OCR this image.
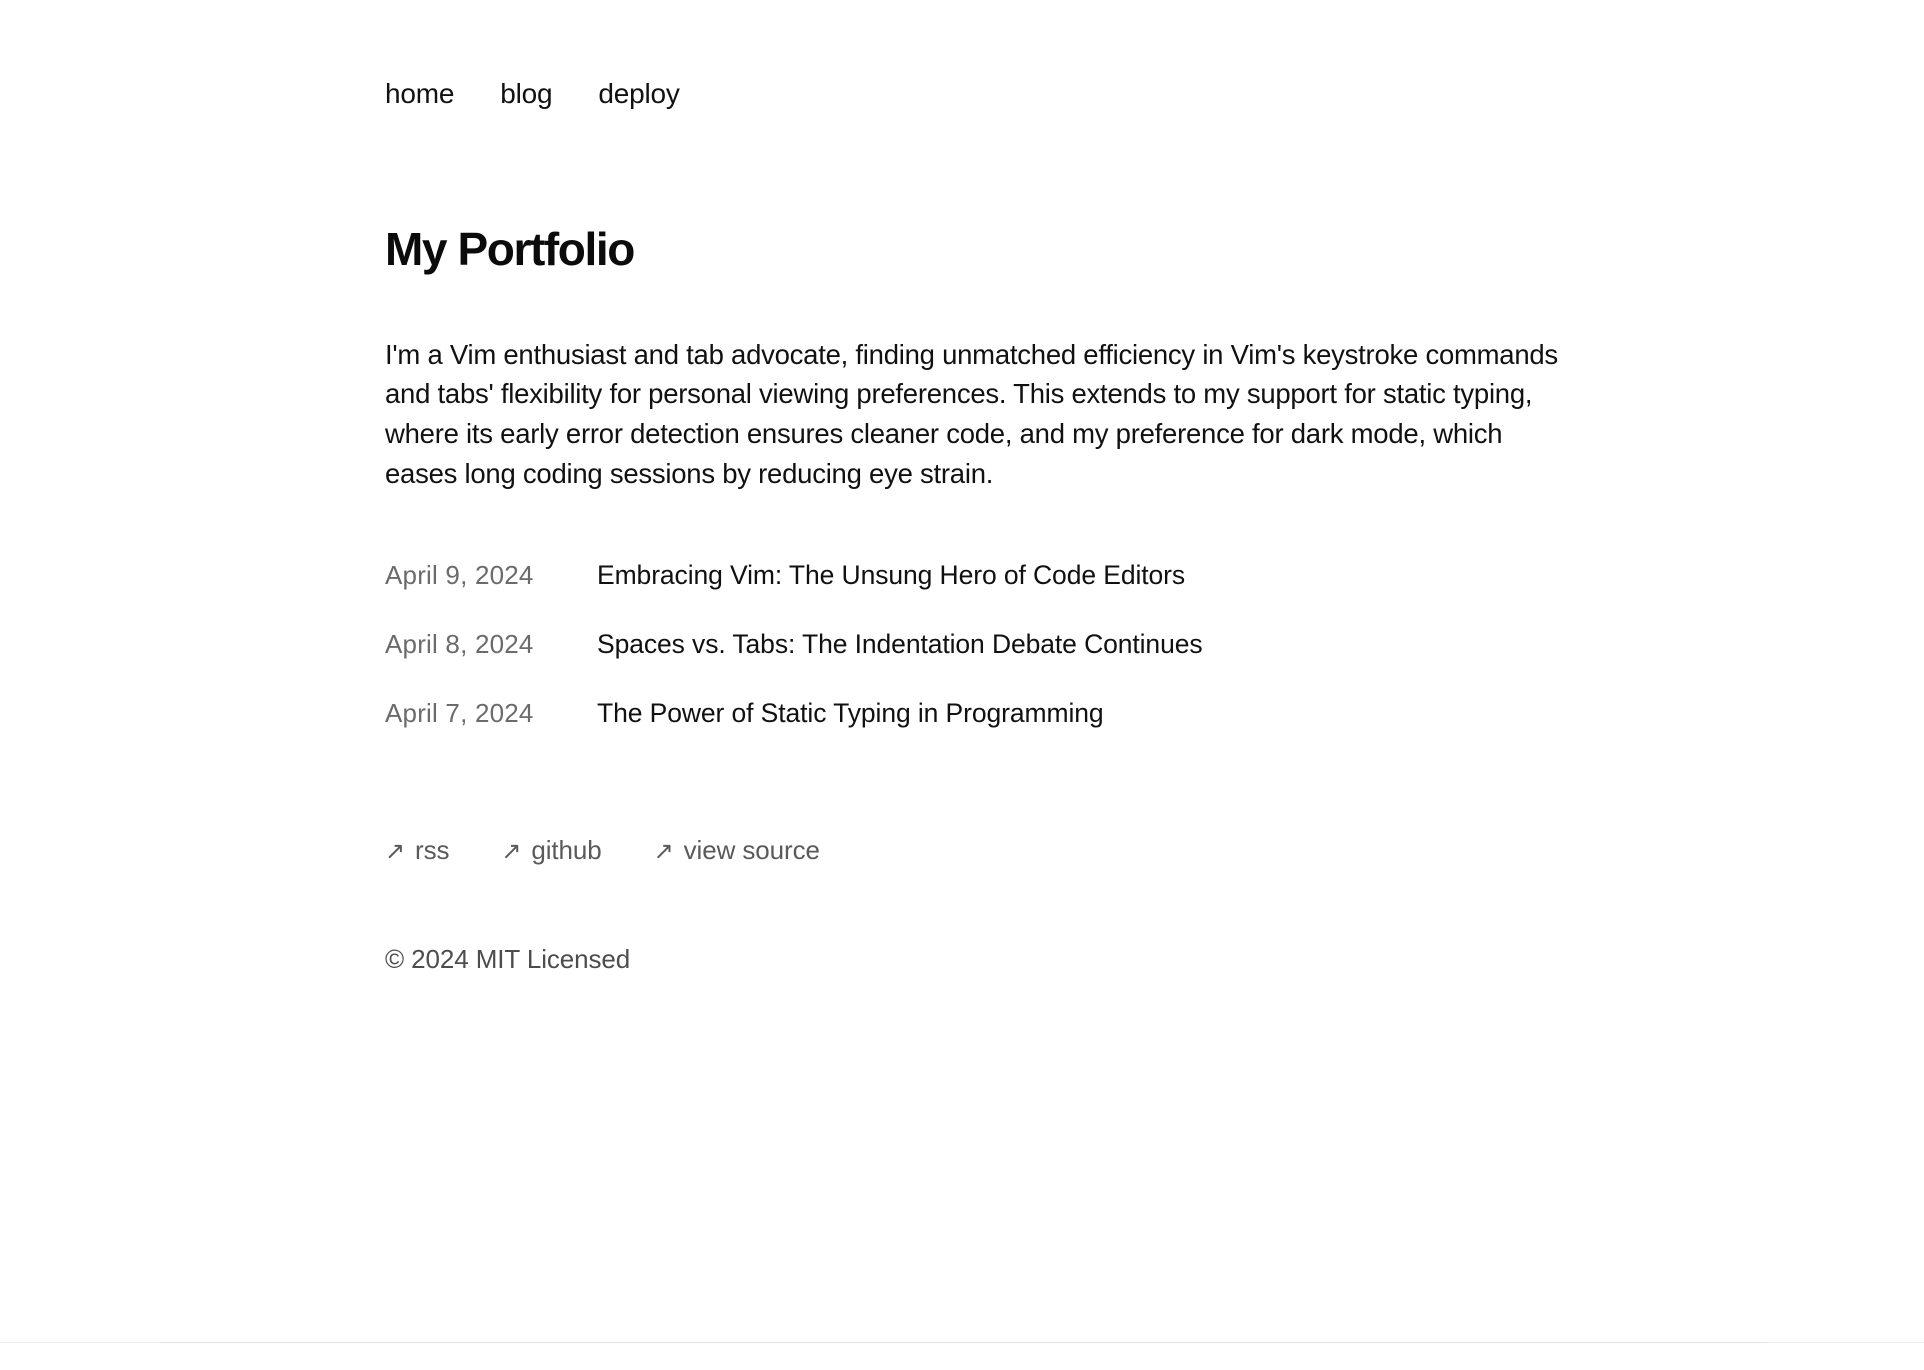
home blog deploy
My Portfolio

I'm a Vim enthusiast and tab advocate, finding unmatched efficiency in Vim's keystroke commands and tabs' flexibility for personal viewing preferences. This extends to my support for static typing, where its early error detection ensures cleaner code, and my preference for dark mode, which eases long coding sessions by reducing eye strain.

April 9, 2024	Embracing Vim: The Unsung Hero of Code Editors
April 8, 2024	Spaces vs. Tabs: The Indentation Debate Continues
April 7, 2024	The Power of Static Typing in Programming
↗ rss ↗ github ↗ view source
© 2024 MIT Licensed
